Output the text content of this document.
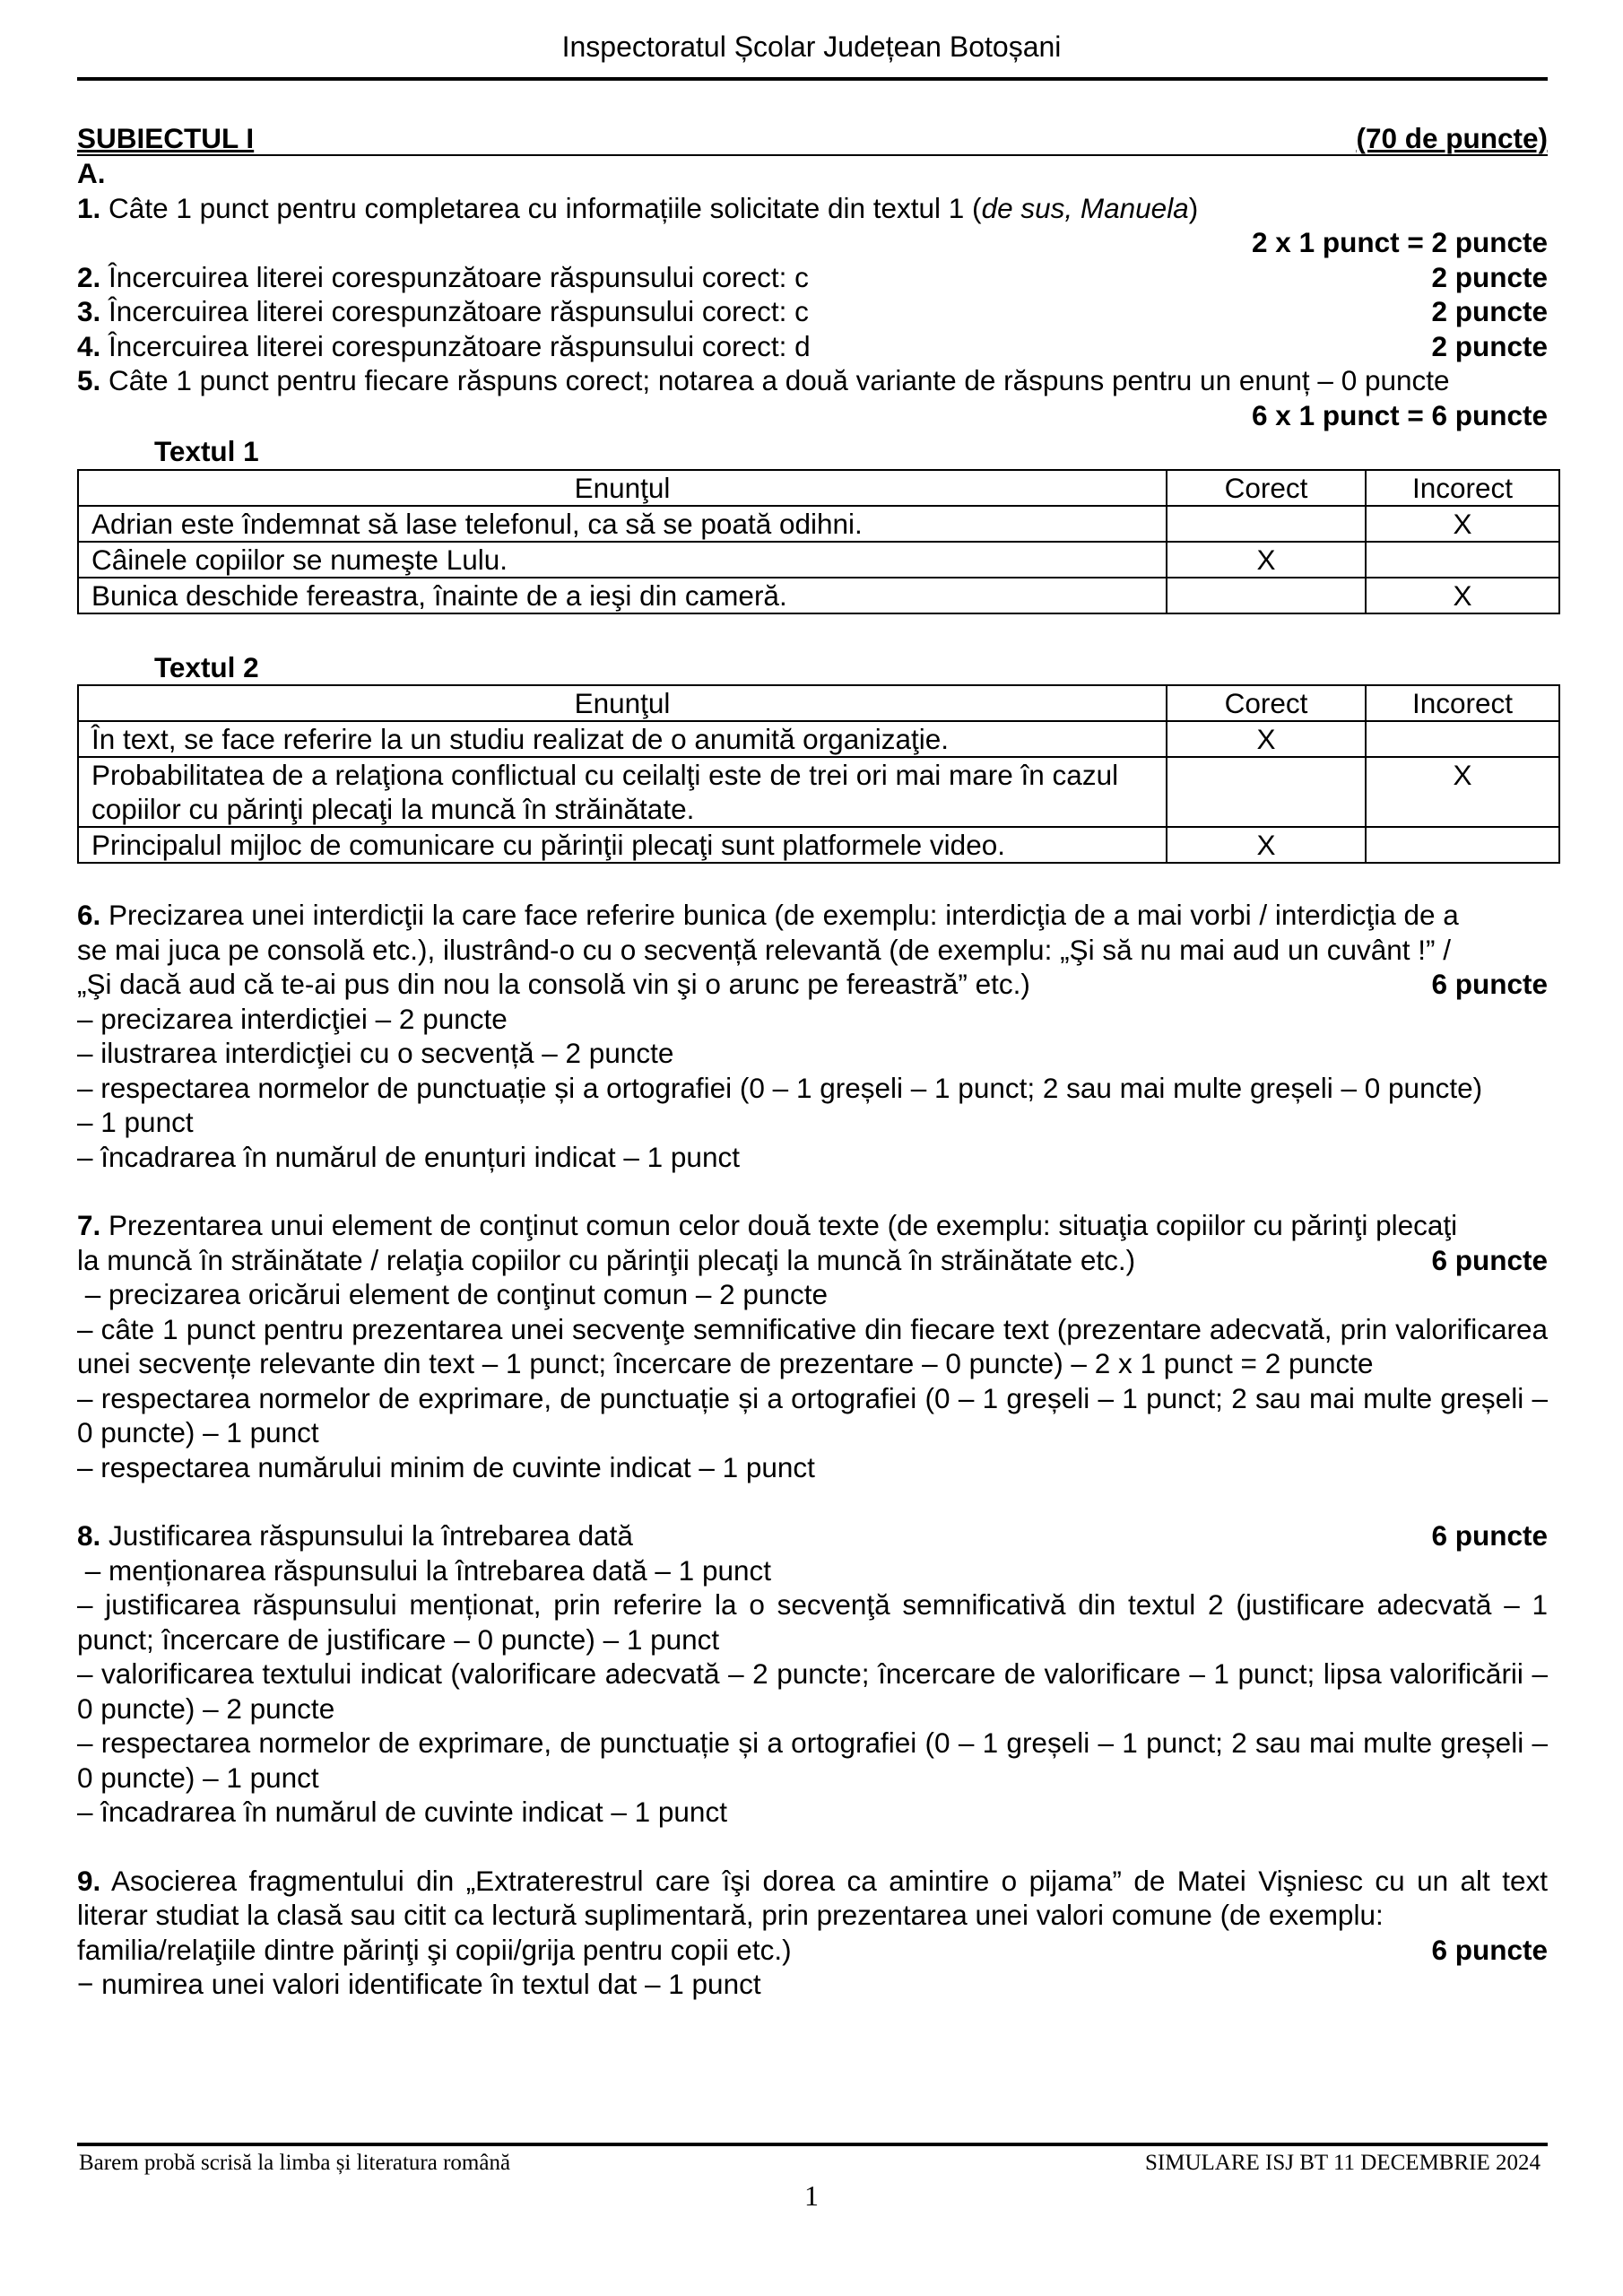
Inspectoratul Școlar Județean Botoșani
SUBIECTUL I	(70 de puncte)
A.
1. Câte 1 punct pentru completarea cu informațiile solicitate din textul 1 (de sus, Manuela)
2 x 1 punct = 2 puncte
2. Încercuirea literei corespunzătoare răspunsului corect: c	2 puncte
3. Încercuirea literei corespunzătoare răspunsului corect: c	2 puncte
4. Încercuirea literei corespunzătoare răspunsului corect: d	2 puncte
5. Câte 1 punct pentru fiecare răspuns corect; notarea a două variante de răspuns pentru un enunț – 0 puncte
6 x 1 punct = 6 puncte
Textul 1
Enunţul	Corect	Incorect
Adrian este îndemnat să lase telefonul, ca să se poată odihni.		X
Câinele copiilor se numeşte Lulu.	X	
Bunica deschide fereastra, înainte de a ieşi din cameră.		X
Textul 2
Enunţul	Corect	Incorect
În text, se face referire la un studiu realizat de o anumită organizaţie.	X	
Probabilitatea de a relaţiona conflictual cu ceilalţi este de trei ori mai mare în cazul copiilor cu părinţi plecaţi la muncă în străinătate.		X
Principalul mijloc de comunicare cu părinţii plecaţi sunt platformele video.	X	
6. Precizarea unei interdicţii la care face referire bunica (de exemplu: interdicţia de a mai vorbi / interdicţia de a
se mai juca pe consolă etc.), ilustrând-o cu o secvență relevantă (de exemplu: „Şi să nu mai aud un cuvânt !” /
„Şi dacă aud că te-ai pus din nou la consolă vin şi o arunc pe fereastră” etc.)	6 puncte
– precizarea interdicţiei – 2 puncte
– ilustrarea interdicţiei cu o secvență – 2 puncte
– respectarea normelor de punctuație și a ortografiei (0 – 1 greșeli – 1 punct; 2 sau mai multe greșeli – 0 puncte)
– 1 punct
– încadrarea în numărul de enunțuri indicat – 1 punct
7. Prezentarea unui element de conţinut comun celor două texte (de exemplu: situaţia copiilor cu părinţi plecaţi
la muncă în străinătate / relaţia copiilor cu părinţii plecaţi la muncă în străinătate etc.)	6 puncte
– precizarea oricărui element de conţinut comun – 2 puncte
– câte 1 punct pentru prezentarea unei secvenţe semnificative din fiecare text (prezentare adecvată, prin valorificarea unei secvențe relevante din text – 1 punct; încercare de prezentare – 0 puncte) – 2 x 1 punct = 2 puncte
– respectarea normelor de exprimare, de punctuație și a ortografiei (0 – 1 greșeli – 1 punct; 2 sau mai multe greșeli – 0 puncte) – 1 punct
– respectarea numărului minim de cuvinte indicat – 1 punct
8. Justificarea răspunsului la întrebarea dată	6 puncte
– menționarea răspunsului la întrebarea dată – 1 punct
– justificarea răspunsului menționat, prin referire la o secvenţă semnificativă din textul 2 (justificare adecvată – 1 punct; încercare de justificare – 0 puncte) – 1 punct
– valorificarea textului indicat (valorificare adecvată – 2 puncte; încercare de valorificare – 1 punct; lipsa valorificării – 0 puncte) – 2 puncte
– respectarea normelor de exprimare, de punctuație și a ortografiei (0 – 1 greșeli – 1 punct; 2 sau mai multe greșeli – 0 puncte) – 1 punct
– încadrarea în numărul de cuvinte indicat – 1 punct
9. Asocierea fragmentului din „Extraterestrul care îşi dorea ca amintire o pijama” de Matei Vişniesc cu un alt text literar studiat la clasă sau citit ca lectură suplimentară, prin prezentarea unei valori comune (de exemplu:
familia/relaţiile dintre părinţi şi copii/grija pentru copii etc.)	6 puncte
− numirea unei valori identificate în textul dat – 1 punct
Barem probă scrisă la limba și literatura română	SIMULARE ISJ BT 11 DECEMBRIE 2024
1
